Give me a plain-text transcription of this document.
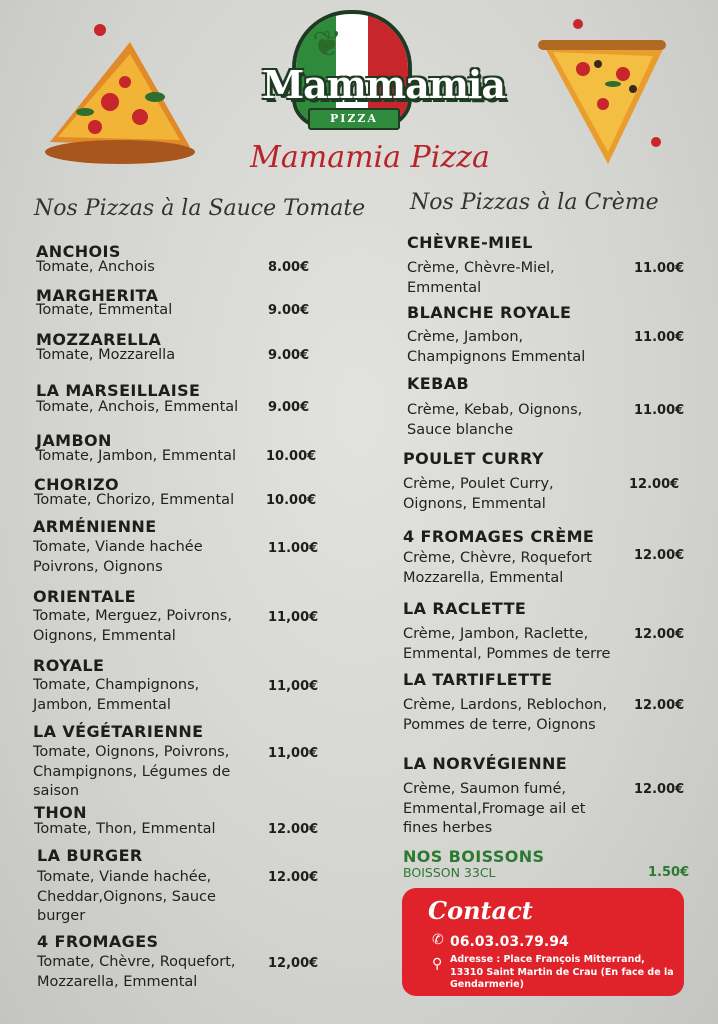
❦
Mammamia
PIZZA
Mamamia Pizza
Nos Pizzas à la Sauce Tomate Nos Pizzas à la Crème
ANCHOIS
Tomate, Anchois	8.00€
MARGHERITA
Tomate, Emmental	9.00€
MOZZARELLA
Tomate, Mozzarella	9.00€
LA MARSEILLAISE
Tomate, Anchois, Emmental	9.00€
JAMBON
Tomate, Jambon, Emmental	10.00€
CHORIZO
Tomate, Chorizo, Emmental	10.00€
ARMÉNIENNE
Tomate, Viande hachée Poivrons, Oignons
11.00€
ORIENTALE
Tomate, Merguez, Poivrons, Oignons, Emmental
11,00€
ROYALE
Tomate, Champignons, Jambon, Emmental
11,00€
LA VÉGÉTARIENNE
Tomate, Oignons, Poivrons, Champignons, Légumes de saison
11,00€
THON
Tomate, Thon, Emmental	12.00€
LA BURGER
Tomate, Viande hachée, Cheddar,Oignons, Sauce burger
12.00€
4 FROMAGES
Tomate, Chèvre, Roquefort, Mozzarella, Emmental
12,00€
CHÈVRE-MIEL
Crème, Chèvre-Miel, Emmental
11.00€
BLANCHE ROYALE
Crème, Jambon, Champignons Emmental
11.00€
KEBAB
Crème, Kebab, Oignons, Sauce blanche
11.00€
POULET CURRY
Crème, Poulet Curry, Oignons, Emmental
12.00€
4 FROMAGES CRÈME
Crème, Chèvre, Roquefort Mozzarella, Emmental
12.00€
LA RACLETTE
Crème, Jambon, Raclette, Emmental, Pommes de terre
12.00€
LA TARTIFLETTE
Crème, Lardons, Reblochon, Pommes de terre, Oignons
12.00€
LA NORVÉGIENNE
Crème, Saumon fumé, Emmental,Fromage ail et fines herbes
12.00€
NOS BOISSONS
BOISSON 33CL	1.50€
Contact
✆ 06.03.03.79.94
⚲ Adresse : Place François Mitterrand, 13310 Saint Martin de Crau (En face de la Gendarmerie)
